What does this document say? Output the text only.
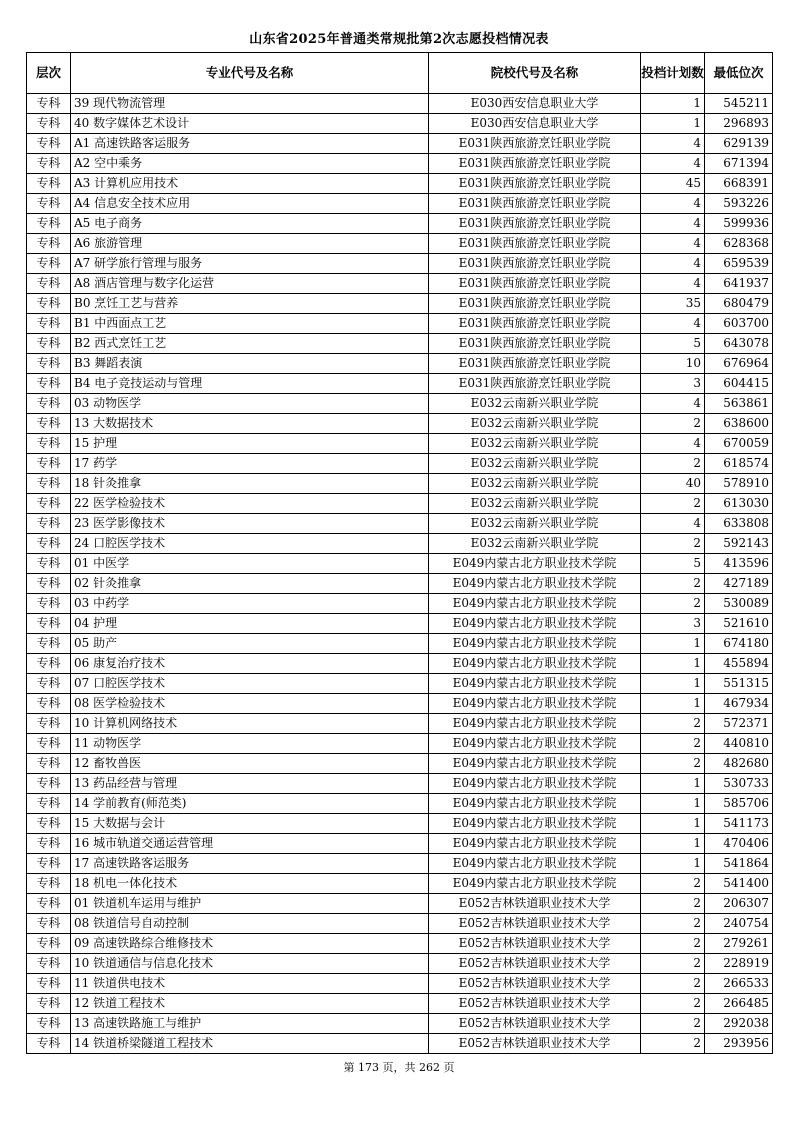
山东省2025年普通类常规批第2次志愿投档情况表
层次	专业代号及名称	院校代号及名称	投档计划数	最低位次
专科	39 现代物流管理	E030西安信息职业大学	1	545211
专科	40 数字媒体艺术设计	E030西安信息职业大学	1	296893
专科	A1 高速铁路客运服务	E031陕西旅游烹饪职业学院	4	629139
专科	A2 空中乘务	E031陕西旅游烹饪职业学院	4	671394
专科	A3 计算机应用技术	E031陕西旅游烹饪职业学院	45	668391
专科	A4 信息安全技术应用	E031陕西旅游烹饪职业学院	4	593226
专科	A5 电子商务	E031陕西旅游烹饪职业学院	4	599936
专科	A6 旅游管理	E031陕西旅游烹饪职业学院	4	628368
专科	A7 研学旅行管理与服务	E031陕西旅游烹饪职业学院	4	659539
专科	A8 酒店管理与数字化运营	E031陕西旅游烹饪职业学院	4	641937
专科	B0 烹饪工艺与营养	E031陕西旅游烹饪职业学院	35	680479
专科	B1 中西面点工艺	E031陕西旅游烹饪职业学院	4	603700
专科	B2 西式烹饪工艺	E031陕西旅游烹饪职业学院	5	643078
专科	B3 舞蹈表演	E031陕西旅游烹饪职业学院	10	676964
专科	B4 电子竞技运动与管理	E031陕西旅游烹饪职业学院	3	604415
专科	03 动物医学	E032云南新兴职业学院	4	563861
专科	13 大数据技术	E032云南新兴职业学院	2	638600
专科	15 护理	E032云南新兴职业学院	4	670059
专科	17 药学	E032云南新兴职业学院	2	618574
专科	18 针灸推拿	E032云南新兴职业学院	40	578910
专科	22 医学检验技术	E032云南新兴职业学院	2	613030
专科	23 医学影像技术	E032云南新兴职业学院	4	633808
专科	24 口腔医学技术	E032云南新兴职业学院	2	592143
专科	01 中医学	E049内蒙古北方职业技术学院	5	413596
专科	02 针灸推拿	E049内蒙古北方职业技术学院	2	427189
专科	03 中药学	E049内蒙古北方职业技术学院	2	530089
专科	04 护理	E049内蒙古北方职业技术学院	3	521610
专科	05 助产	E049内蒙古北方职业技术学院	1	674180
专科	06 康复治疗技术	E049内蒙古北方职业技术学院	1	455894
专科	07 口腔医学技术	E049内蒙古北方职业技术学院	1	551315
专科	08 医学检验技术	E049内蒙古北方职业技术学院	1	467934
专科	10 计算机网络技术	E049内蒙古北方职业技术学院	2	572371
专科	11 动物医学	E049内蒙古北方职业技术学院	2	440810
专科	12 畜牧兽医	E049内蒙古北方职业技术学院	2	482680
专科	13 药品经营与管理	E049内蒙古北方职业技术学院	1	530733
专科	14 学前教育(师范类)	E049内蒙古北方职业技术学院	1	585706
专科	15 大数据与会计	E049内蒙古北方职业技术学院	1	541173
专科	16 城市轨道交通运营管理	E049内蒙古北方职业技术学院	1	470406
专科	17 高速铁路客运服务	E049内蒙古北方职业技术学院	1	541864
专科	18 机电一体化技术	E049内蒙古北方职业技术学院	2	541400
专科	01 铁道机车运用与维护	E052吉林铁道职业技术大学	2	206307
专科	08 铁道信号自动控制	E052吉林铁道职业技术大学	2	240754
专科	09 高速铁路综合维修技术	E052吉林铁道职业技术大学	2	279261
专科	10 铁道通信与信息化技术	E052吉林铁道职业技术大学	2	228919
专科	11 铁道供电技术	E052吉林铁道职业技术大学	2	266533
专科	12 铁道工程技术	E052吉林铁道职业技术大学	2	266485
专科	13 高速铁路施工与维护	E052吉林铁道职业技术大学	2	292038
专科	14 铁道桥梁隧道工程技术	E052吉林铁道职业技术大学	2	293956
第 173 页，共 262 页
